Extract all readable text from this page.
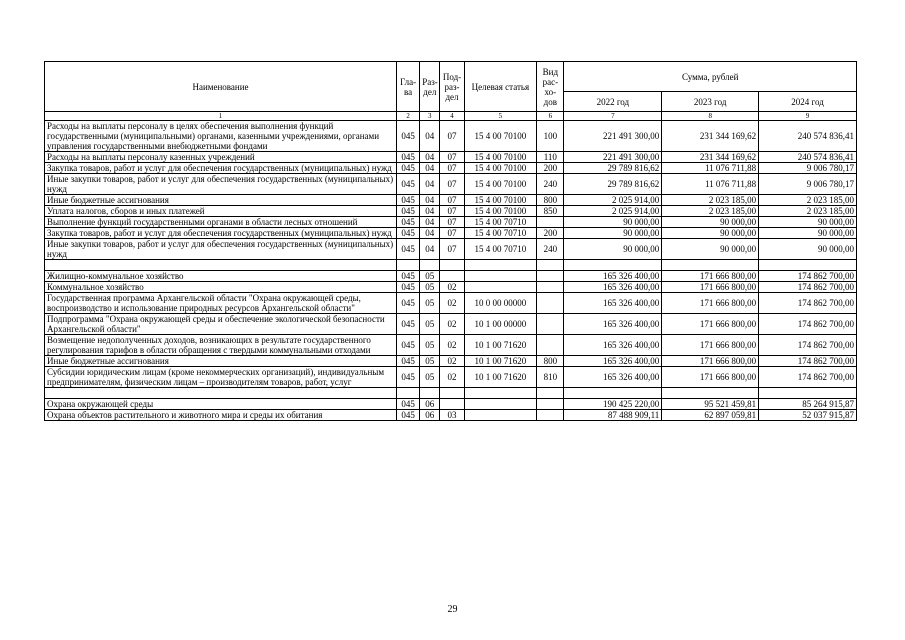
Наименование	Гла-ва	Раз-дел	Под-раз-дел	Целевая статья	Вид рас-хо-дов	Сумма, рублей		
						2022 год	2023 год	2024 год
1	2	3	4	5	6	7	8	9
Расходы на выплаты персоналу в целях обеспечения выполнения функций государственными (муниципальными) органами, казенными учреждениями, органами управления государственными внебюджетными фондами	045	04	07	15 4 00 70100	100	221 491 300,00	231 344 169,62	240 574 836,41
Расходы на выплаты персоналу казенных учреждений	045	04	07	15 4 00 70100	110	221 491 300,00	231 344 169,62	240 574 836,41
Закупка товаров, работ и услуг для обеспечения государственных (муниципальных) нужд	045	04	07	15 4 00 70100	200	29 789 816,62	11 076 711,88	9 006 780,17
Иные закупки товаров, работ и услуг для обеспечения государственных (муниципальных) нужд	045	04	07	15 4 00 70100	240	29 789 816,62	11 076 711,88	9 006 780,17
Иные бюджетные ассигнования	045	04	07	15 4 00 70100	800	2 025 914,00	2 023 185,00	2 023 185,00
Уплата налогов, сборов и иных платежей	045	04	07	15 4 00 70100	850	2 025 914,00	2 023 185,00	2 023 185,00
Выполнение функций государственными органами в области лесных отношений	045	04	07	15 4 00 70710		90 000,00	90 000,00	90 000,00
Закупка товаров, работ и услуг для обеспечения государственных (муниципальных) нужд	045	04	07	15 4 00 70710	200	90 000,00	90 000,00	90 000,00
Иные закупки товаров, работ и услуг для обеспечения государственных (муниципальных) нужд	045	04	07	15 4 00 70710	240	90 000,00	90 000,00	90 000,00

Жилищно-коммунальное хозяйство	045	05				165 326 400,00	171 666 800,00	174 862 700,00
Коммунальное хозяйство	045	05	02			165 326 400,00	171 666 800,00	174 862 700,00
Государственная программа Архангельской области "Охрана окружающей среды, воспроизводство и использование природных ресурсов Архангельской области"	045	05	02	10 0 00 00000		165 326 400,00	171 666 800,00	174 862 700,00
Подпрограмма "Охрана окружающей среды и обеспечение экологической безопасности Архангельской области"	045	05	02	10 1 00 00000		165 326 400,00	171 666 800,00	174 862 700,00
Возмещение недополученных доходов, возникающих в результате государственного регулирования тарифов в области обращения с твердыми коммунальными отходами	045	05	02	10 1 00 71620		165 326 400,00	171 666 800,00	174 862 700,00
Иные бюджетные ассигнования	045	05	02	10 1 00 71620	800	165 326 400,00	171 666 800,00	174 862 700,00
Субсидии юридическим лицам (кроме некоммерческих организаций), индивидуальным предпринимателям, физическим лицам – производителям товаров, работ, услуг	045	05	02	10 1 00 71620	810	165 326 400,00	171 666 800,00	174 862 700,00

Охрана окружающей среды	045	06				190 425 220,00	95 521 459,81	85 264 915,87
Охрана объектов растительного и животного мира и среды их обитания	045	06	03			87 488 909,11	62 897 059,81	52 037 915,87
29
